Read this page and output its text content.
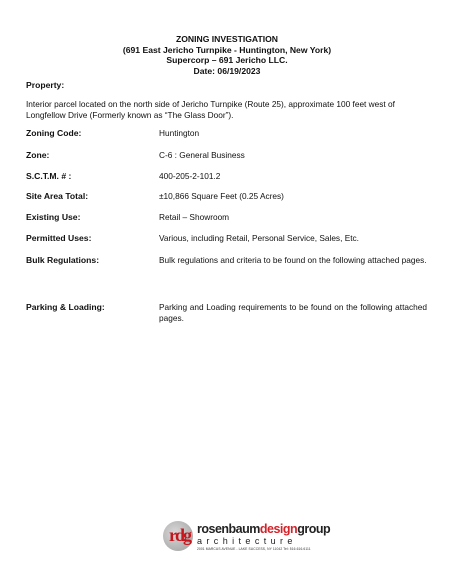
ZONING INVESTIGATION
(691 East Jericho Turnpike - Huntington, New York)
Supercorp – 691 Jericho LLC.
Date: 06/19/2023
Property:
Interior parcel located on the north side of Jericho Turnpike (Route 25), approximate 100 feet west of Longfellow Drive (Formerly known as “The Glass Door”).
Zoning Code:	Huntington
Zone:	C-6 : General Business
S.C.T.M. # :	400-205-2-101.2
Site Area Total:	±10,866 Square Feet (0.25 Acres)
Existing Use:	Retail – Showroom
Permitted Uses:	Various, including Retail, Personal Service, Sales, Etc.
Bulk Regulations:	Bulk regulations and criteria to be found on the following attached pages.
Parking & Loading:	Parking and Loading requirements to be found on the following attached pages.
rdg rosenbaumdesigngroup
architecture
2001 MARCUS AVENUE - LAKE SUCCESS, NY 11042 Tel: 516.616.6111
